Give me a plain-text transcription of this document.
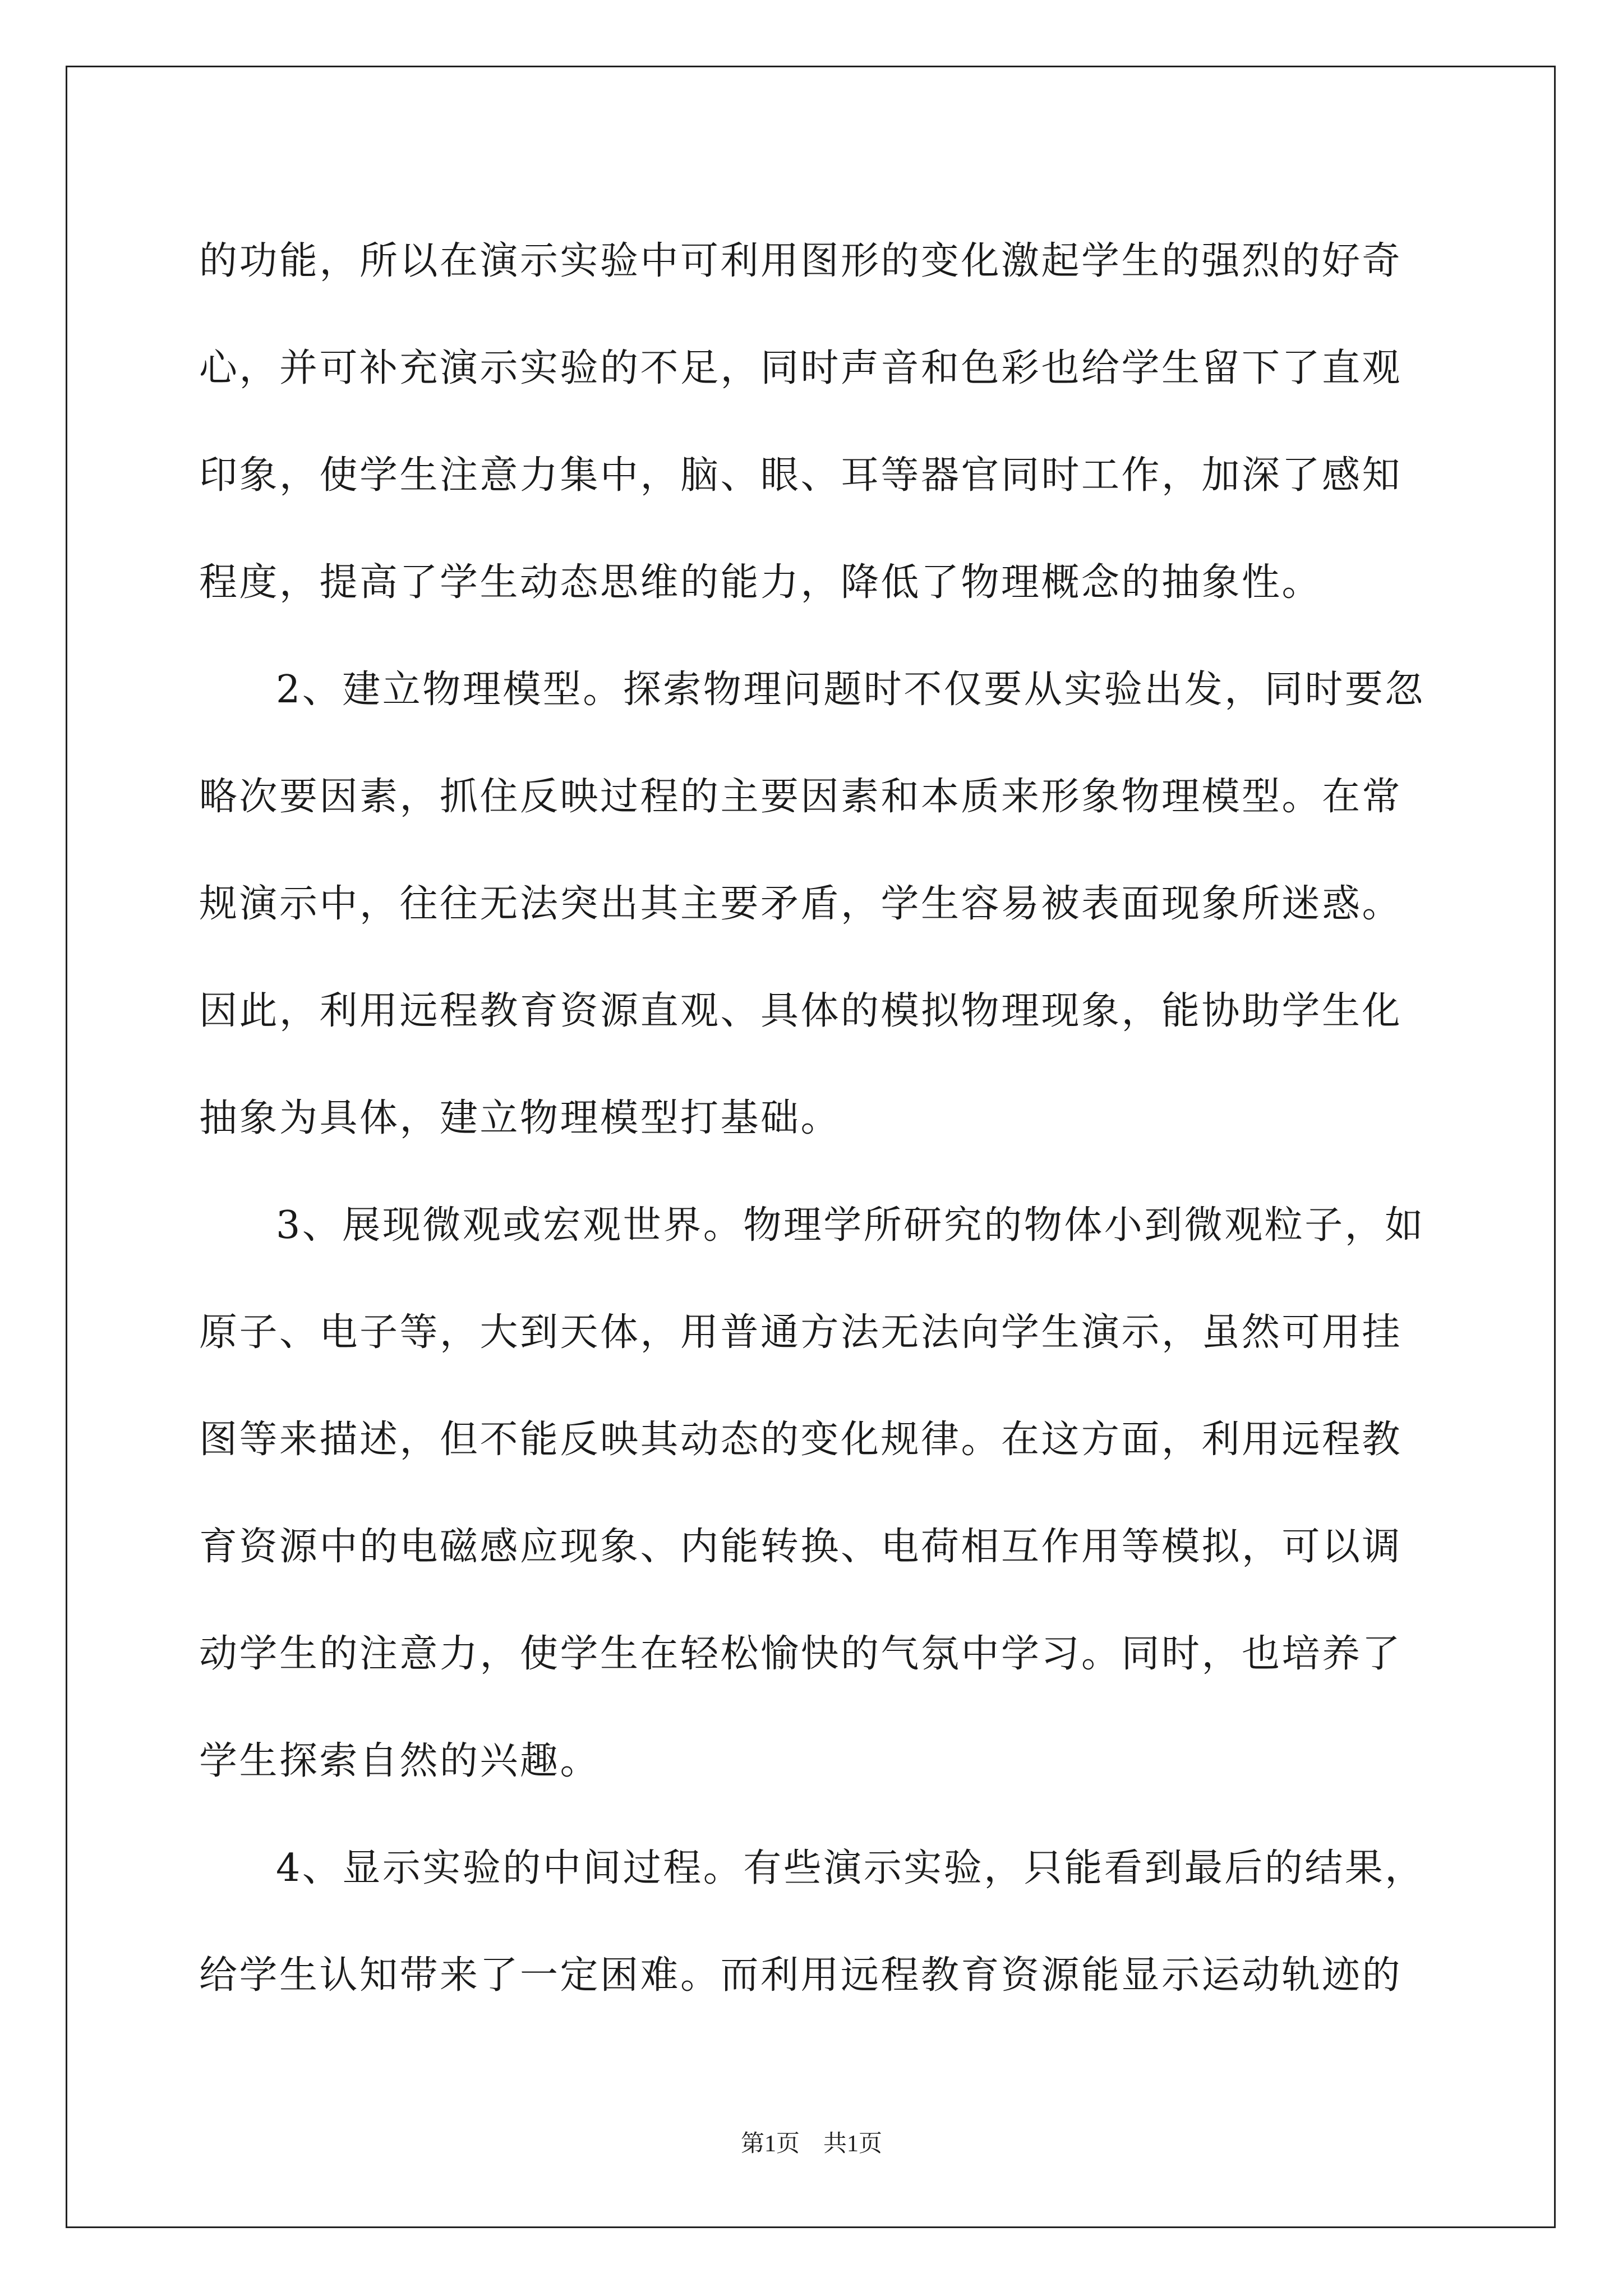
的功能，所以在演示实验中可利用图形的变化激起学生的强烈的好奇
心，并可补充演示实验的不足，同时声音和色彩也给学生留下了直观
印象，使学生注意力集中，脑、眼、耳等器官同时工作，加深了感知
程度，提高了学生动态思维的能力，降低了物理概念的抽象性。
2、建立物理模型。探索物理问题时不仅要从实验出发，同时要忽
略次要因素，抓住反映过程的主要因素和本质来形象物理模型。在常
规演示中，往往无法突出其主要矛盾，学生容易被表面现象所迷惑。
因此，利用远程教育资源直观、具体的模拟物理现象，能协助学生化
抽象为具体，建立物理模型打基础。
3、展现微观或宏观世界。物理学所研究的物体小到微观粒子，如
原子、电子等，大到天体，用普通方法无法向学生演示，虽然可用挂
图等来描述，但不能反映其动态的变化规律。在这方面，利用远程教
育资源中的电磁感应现象、内能转换、电荷相互作用等模拟，可以调
动学生的注意力，使学生在轻松愉快的气氛中学习。同时，也培养了
学生探索自然的兴趣。
4、显示实验的中间过程。有些演示实验，只能看到最后的结果，
给学生认知带来了一定困难。而利用远程教育资源能显示运动轨迹的
第1页　共1页
